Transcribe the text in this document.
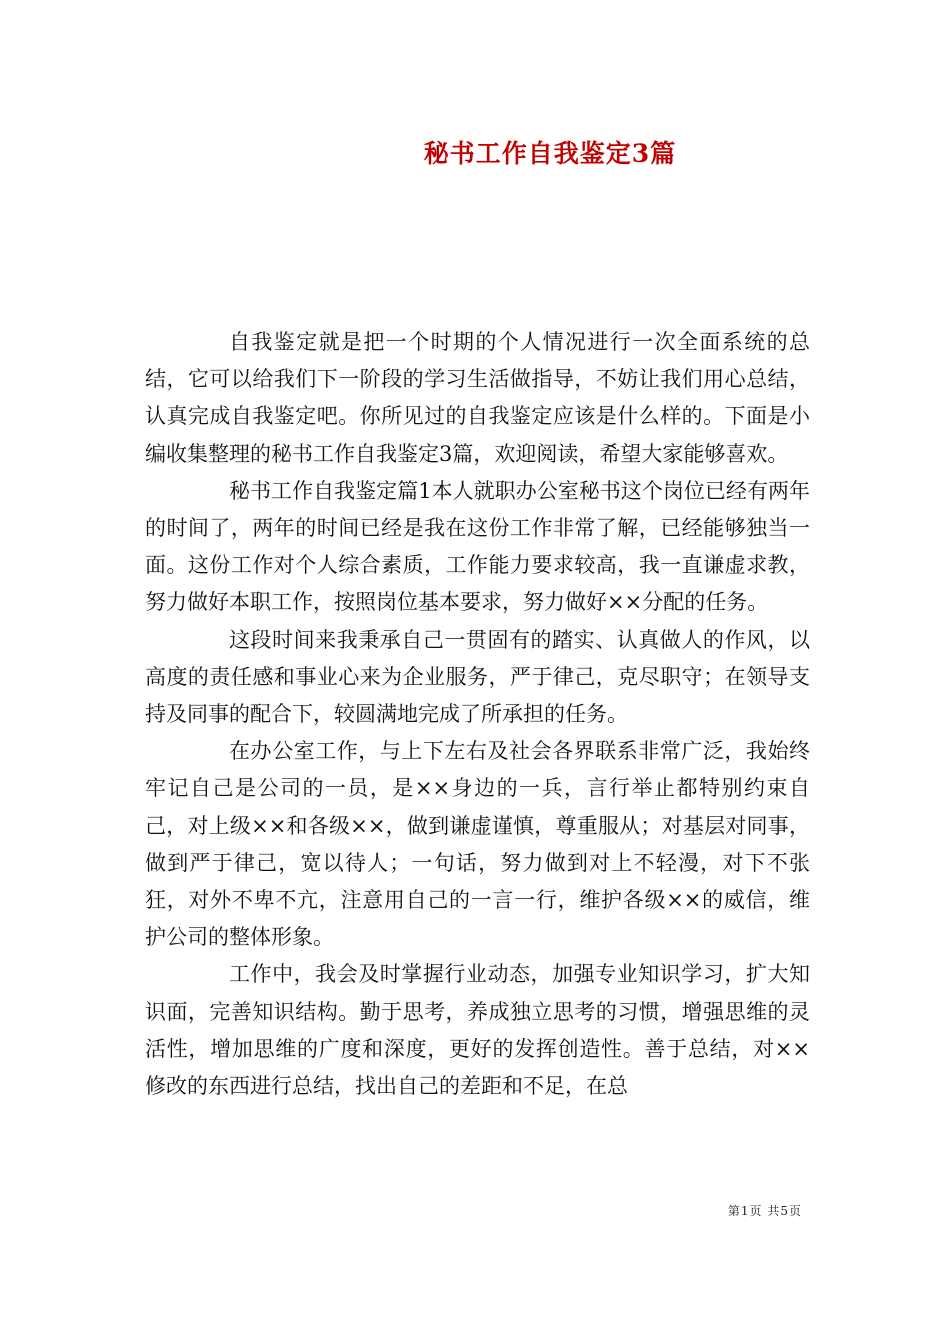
秘书工作自我鉴定3篇

自我鉴定就是把一个时期的个人情况进行一次全面系统的总结，它可以给我们下一阶段的学习生活做指导，不妨让我们用心总结，认真完成自我鉴定吧。你所见过的自我鉴定应该是什么样的。下面是小编收集整理的秘书工作自我鉴定3篇，欢迎阅读，希望大家能够喜欢。

秘书工作自我鉴定篇1本人就职办公室秘书这个岗位已经有两年的时间了，两年的时间已经是我在这份工作非常了解，已经能够独当一面。这份工作对个人综合素质，工作能力要求较高，我一直谦虚求教，努力做好本职工作，按照岗位基本要求，努力做好××分配的任务。

这段时间来我秉承自己一贯固有的踏实、认真做人的作风，以高度的责任感和事业心来为企业服务，严于律己，克尽职守；在领导支持及同事的配合下，较圆满地完成了所承担的任务。

在办公室工作，与上下左右及社会各界联系非常广泛，我始终牢记自己是公司的一员，是××身边的一兵，言行举止都特别约束自己，对上级××和各级××，做到谦虚谨慎，尊重服从；对基层对同事，做到严于律己，宽以待人；一句话，努力做到对上不轻漫，对下不张狂，对外不卑不亢，注意用自己的一言一行，维护各级××的威信，维护公司的整体形象。

工作中，我会及时掌握行业动态，加强专业知识学习，扩大知识面，完善知识结构。勤于思考，养成独立思考的习惯，增强思维的灵活性，增加思维的广度和深度，更好的发挥创造性。善于总结，对××修改的东西进行总结，找出自己的差距和不足，在总

第1页 共5页
